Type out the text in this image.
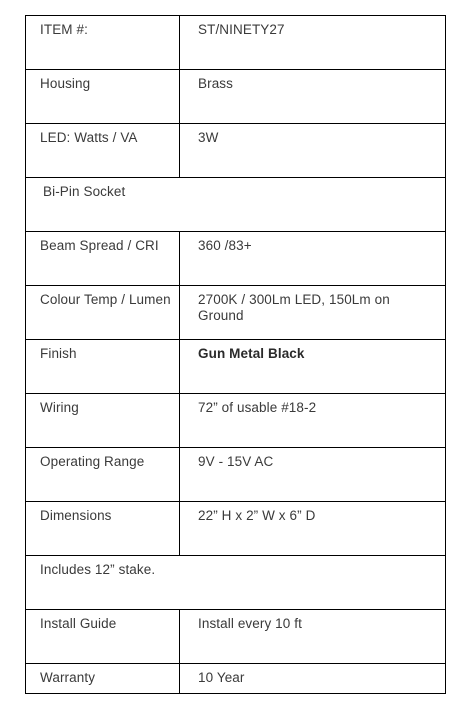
ITEM #:	ST/NINETY27
Housing	Brass
LED: Watts / VA	3W
Bi-Pin Socket	
Beam Spread / CRI	360 /83+
Colour Temp / Lumen	2700K / 300Lm LED, 150Lm on Ground
Finish	Gun Metal Black
Wiring	72” of usable #18-2
Operating Range	9V - 15V AC
Dimensions	22” H x 2” W x 6” D
Includes 12” stake.	
Install Guide	Install every 10 ft
Warranty	10 Year
